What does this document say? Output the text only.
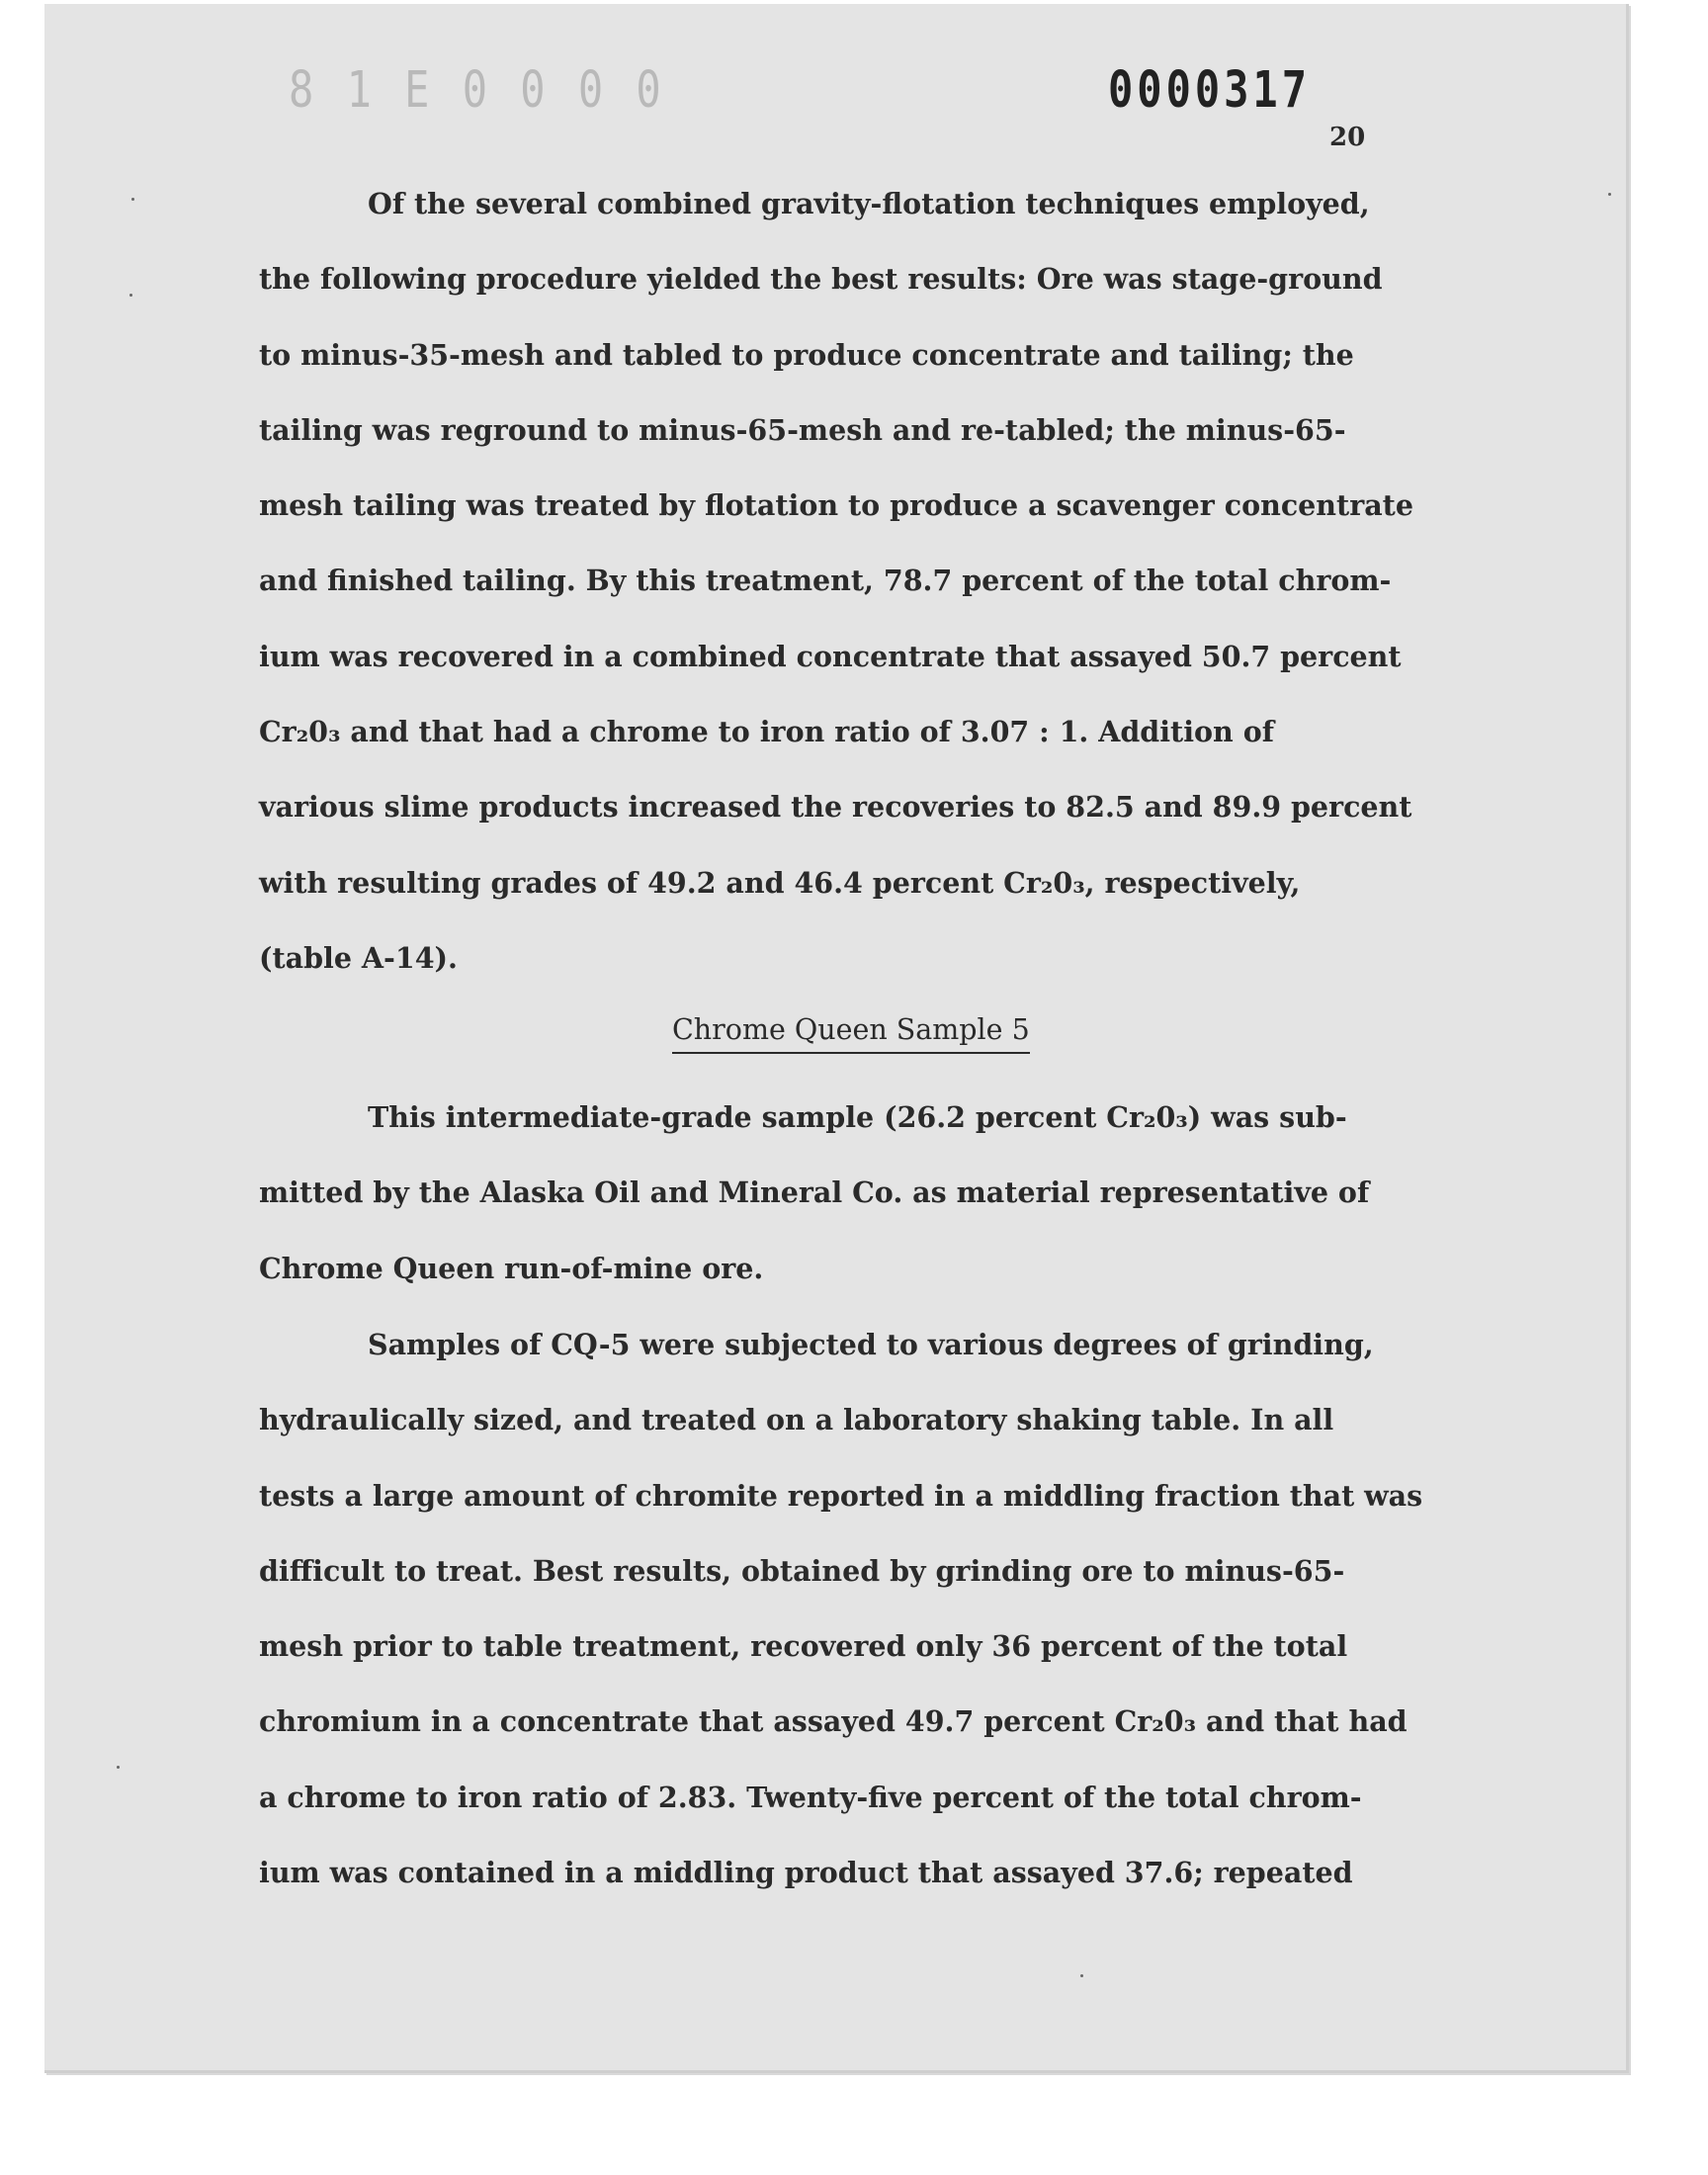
8 1 E 0 0 0 0	0000317
20
Of the several combined gravity-flotation techniques employed,
the following procedure yielded the best results: Ore was stage-ground
to minus-35-mesh and tabled to produce concentrate and tailing; the
tailing was reground to minus-65-mesh and re-tabled; the minus-65-
mesh tailing was treated by flotation to produce a scavenger concentrate
and finished tailing. By this treatment, 78.7 percent of the total chrom-
ium was recovered in a combined concentrate that assayed 50.7 percent
Cr₂0₃ and that had a chrome to iron ratio of 3.07 : 1. Addition of
various slime products increased the recoveries to 82.5 and 89.9 percent
with resulting grades of 49.2 and 46.4 percent Cr₂0₃, respectively,
(table A-14).
Chrome Queen Sample 5
This intermediate-grade sample (26.2 percent Cr₂0₃) was sub-
mitted by the Alaska Oil and Mineral Co. as material representative of
Chrome Queen run-of-mine ore.
Samples of CQ-5 were subjected to various degrees of grinding,
hydraulically sized, and treated on a laboratory shaking table. In all
tests a large amount of chromite reported in a middling fraction that was
difficult to treat. Best results, obtained by grinding ore to minus-65-
mesh prior to table treatment, recovered only 36 percent of the total
chromium in a concentrate that assayed 49.7 percent Cr₂0₃ and that had
a chrome to iron ratio of 2.83. Twenty-five percent of the total chrom-
ium was contained in a middling product that assayed 37.6; repeated
